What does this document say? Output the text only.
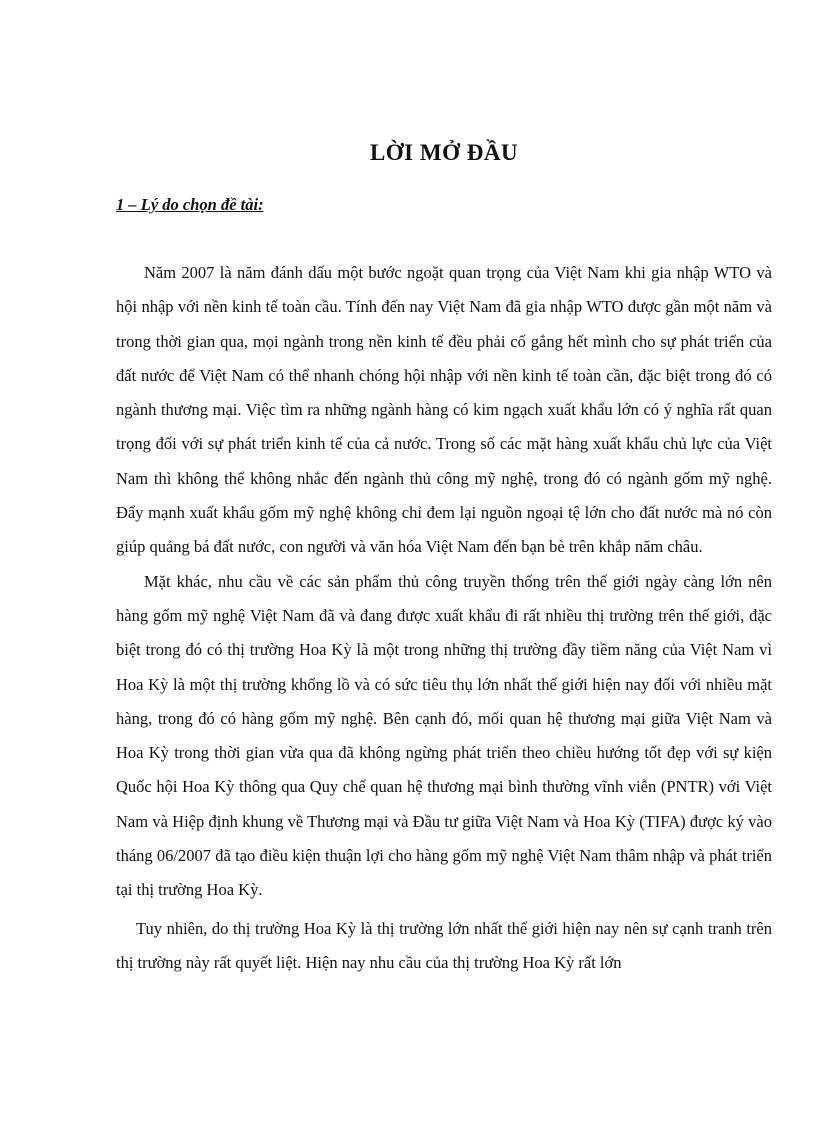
LỜI MỞ ĐẦU
1 – Lý do chọn đề tài:

Năm 2007 là năm đánh dấu một bước ngoặt quan trọng của Việt Nam khi gia nhập WTO và hội nhập với nền kinh tế toàn cầu. Tính đến nay Việt Nam đã gia nhập WTO được gần một năm và trong thời gian qua, mọi ngành trong nền kinh tế đều phải cố gắng hết mình cho sự phát triển của đất nước để Việt Nam có thể nhanh chóng hội nhập với nền kinh tế toàn cần, đặc biệt trong đó có ngành thương mại. Việc tìm ra những ngành hàng có kim ngạch xuất khẩu lớn có ý nghĩa rất quan trọng đối với sự phát triển kinh tế của cả nước. Trong số các mặt hàng xuất khẩu chủ lực của Việt Nam thì không thể không nhắc đến ngành thủ công mỹ nghệ, trong đó có ngành gốm mỹ nghệ. Đẩy mạnh xuất khẩu gốm mỹ nghệ không chỉ đem lại nguồn ngoại tệ lớn cho đất nước mà nó còn giúp quảng bá đất nước, con người và văn hóa Việt Nam đến bạn bè trên khắp năm châu.

Mặt khác, nhu cầu về các sản phẩm thủ công truyền thống trên thế giới ngày càng lớn nên hàng gốm mỹ nghệ Việt Nam đã và đang được xuất khẩu đi rất nhiều thị trường trên thế giới, đặc biệt trong đó có thị trường Hoa Kỳ là một trong những thị trường đầy tiềm năng của Việt Nam vì Hoa Kỳ là một thị trường khổng lồ và có sức tiêu thụ lớn nhất thế giới hiện nay đối với nhiều mặt hàng, trong đó có hàng gốm mỹ nghệ. Bên cạnh đó, mối quan hệ thương mại giữa Việt Nam và Hoa Kỳ trong thời gian vừa qua đã không ngừng phát triển theo chiều hướng tốt đẹp với sự kiện Quốc hội Hoa Kỳ thông qua Quy chế quan hệ thương mại bình thường vĩnh viễn (PNTR) với Việt Nam và Hiệp định khung về Thương mại và Đầu tư giữa Việt Nam và Hoa Kỳ (TIFA) được ký vào tháng 06/2007 đã tạo điều kiện thuận lợi cho hàng gốm mỹ nghệ Việt Nam thâm nhập và phát triển tại thị trường Hoa Kỳ.

Tuy nhiên, do thị trường Hoa Kỳ là thị trường lớn nhất thế giới hiện nay nên sự cạnh tranh trên thị trường này rất quyết liệt. Hiện nay nhu cầu của thị trường Hoa Kỳ rất lớn
